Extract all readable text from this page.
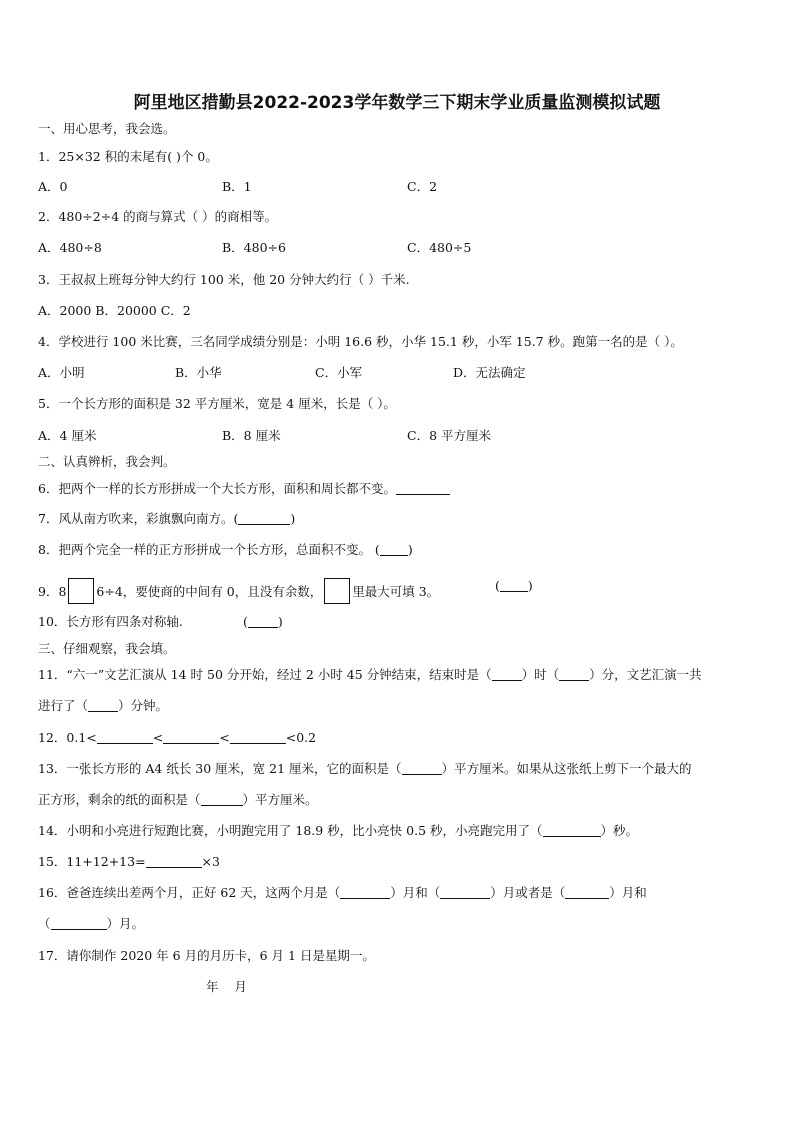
阿里地区措勤县2022-2023学年数学三下期末学业质量监测模拟试题
一、用心思考，我会选。
1．25×32 积的末尾有( )个 0。
A．0	B．1	C．2
2．480÷2÷4 的商与算式（ ）的商相等。
A．480÷8	B．480÷6	C．480÷5
3．王叔叔上班每分钟大约行 100 米，他 20 分钟大约行（ ）千米.
A．2000 B．20000 C．2
4．学校进行 100 米比赛，三名同学成绩分别是：小明 16.6 秒，小华 15.1 秒，小军 15.7 秒。跑第一名的是（ ）。
A．小明	B．小华	C．小军	D．无法确定
5．一个长方形的面积是 32 平方厘米，宽是 4 厘米，长是（ ）。
A．4 厘米	B．8 厘米	C．8 平方厘米
二、认真辨析，我会判。
6．把两个一样的长方形拼成一个大长方形，面积和周长都不变。
7．风从南方吹来，彩旗飘向南方。(	)
8．把两个完全一样的正方形拼成一个长方形，总面积不变。 ( )
9．8 6÷4，要使商的中间有 0，且没有余数， 里最大可填 3。	( )
10．长方形有四条对称轴.	( )
三、仔细观察，我会填。
11．“六一”文艺汇演从 14 时 50 分开始，经过 2 小时 45 分钟结束，结束时是（ ）时（ ）分，文艺汇演一共
进行了（ ）分钟。
12．0.1<	<	<	<0.2
13．一张长方形的 A4 纸长 30 厘米，宽 21 厘米，它的面积是（	）平方厘米。如果从这张纸上剪下一个最大的
正方形，剩余的纸的面积是（	）平方厘米。
14．小明和小亮进行短跑比赛，小明跑完用了 18.9 秒，比小亮快 0.5 秒，小亮跑完用了（	）秒。
15．11+12+13=	×3
16．爸爸连续出差两个月，正好 62 天，这两个月是（	）月和（	）月或者是（	）月和
（	）月。
17．请你制作 2020 年 6 月的月历卡，6 月 1 日是星期一。
年    月
